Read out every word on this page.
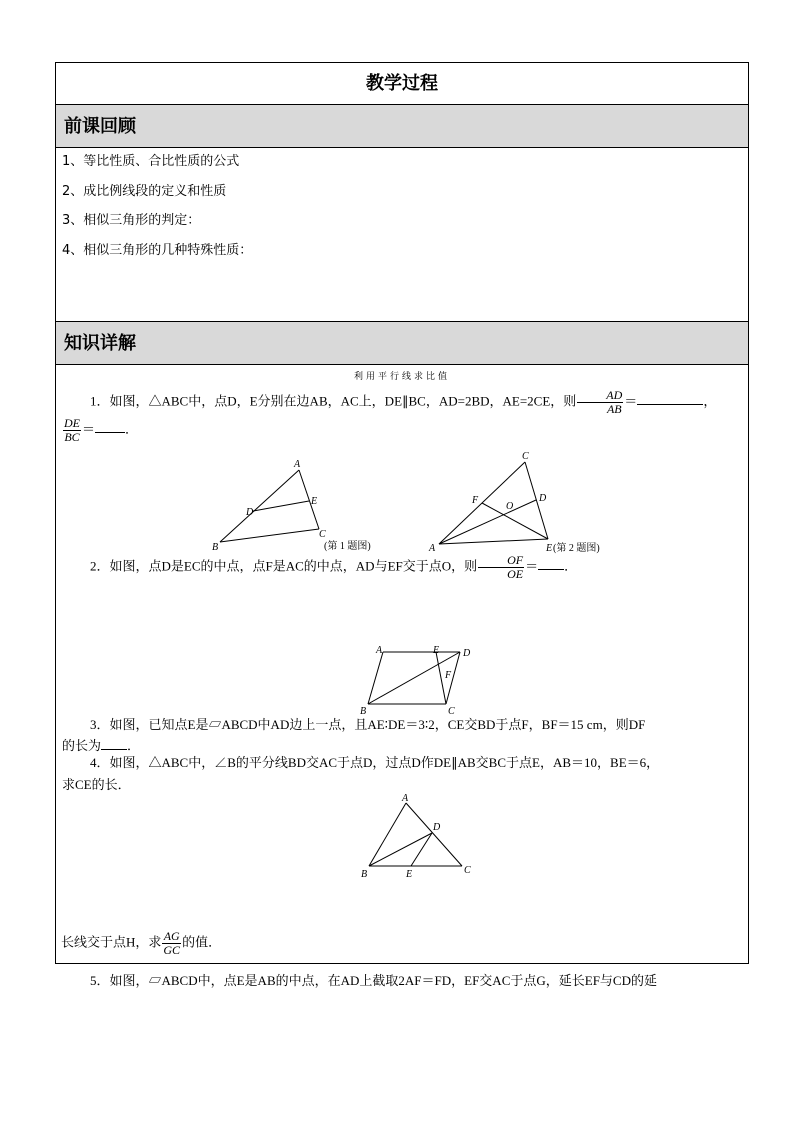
教学过程
前课回顾
1、等比性质、合比性质的公式
2、成比例线段的定义和性质
3、相似三角形的判定：
4、相似三角形的几种特殊性质：
知识详解
利用平行线求比值
1．如图，△ABC中，点D，E分别在边AB，AC上，DE∥BC，AD=2BD，AE=2CE，则 $\frac{AD}{AB}$ ＝	，
$\frac{DE}{BC}$ ＝ ．
A
D
E
B
C
(第 1 题图)
C
F
O
D
A	E (第 2 题图)
2．如图，点D是EC的中点，点F是AC的中点，AD与EF交于点O，则 $\frac{OF}{OE}$ ＝ ．
A	E D
F
B	C
3．如图，已知点E是▱ABCD中AD边上一点，且AE∶DE＝3∶2，CE交BD于点F，BF＝15 cm，则DF
的长为 ．
4．如图，△ABC中，∠B的平分线BD交AC于点D，过点D作DE∥AB交BC于点E，AB＝10，BE＝6，
求CE的长．
A
D
B	E	C
5．如图，▱ABCD中，点E是AB的中点，在AD上截取2AF＝FD，EF交AC于点G，延长EF与CD的延
长线交于点H，求 $\frac{AG}{GC}$ 的值．
